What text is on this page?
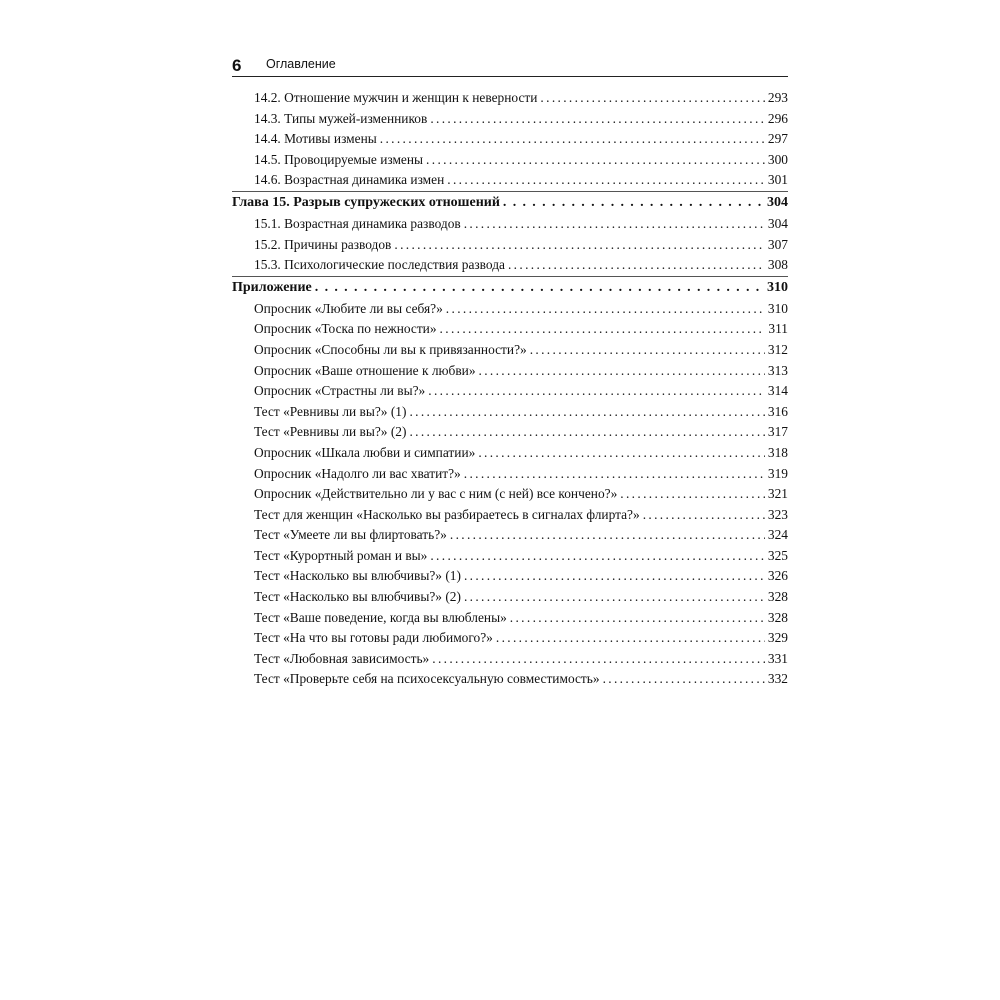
6 Оглавление
14.2. Отношение мужчин и женщин к неверности . . .	293
14.3. Типы мужей-изменников . . .	296
14.4. Мотивы измены . . .	297
14.5. Провоцируемые измены . . .	300
14.6. Возрастная динамика измен . . .	301
Глава 15. Разрыв супружеских отношений . . .	304
15.1. Возрастная динамика разводов . . .	304
15.2. Причины разводов . . .	307
15.3. Психологические последствия развода . . .	308
Приложение . . .	310
Опросник «Любите ли вы себя?» . . .	310
Опросник «Тоска по нежности» . . .	311
Опросник «Способны ли вы к привязанности?» . . .	312
Опросник «Ваше отношение к любви» . . .	313
Опросник «Страстны ли вы?» . . .	314
Тест «Ревнивы ли вы?» (1) . . .	316
Тест «Ревнивы ли вы?» (2) . . .	317
Опросник «Шкала любви и симпатии» . . .	318
Опросник «Надолго ли вас хватит?» . . .	319
Опросник «Действительно ли у вас с ним (с ней) все кончено?» . . .	321
Тест для женщин «Насколько вы разбираетесь в сигналах флирта?» . . .	323
Тест «Умеете ли вы флиртовать?» . . .	324
Тест «Курортный роман и вы» . . .	325
Тест «Насколько вы влюбчивы?» (1) . . .	326
Тест «Насколько вы влюбчивы?» (2) . . .	328
Тест «Ваше поведение, когда вы влюблены» . . .	328
Тест «На что вы готовы ради любимого?» . . .	329
Тест «Любовная зависимость» . . .	331
Тест «Проверьте себя на психосексуальную совместимость» . . .	332
